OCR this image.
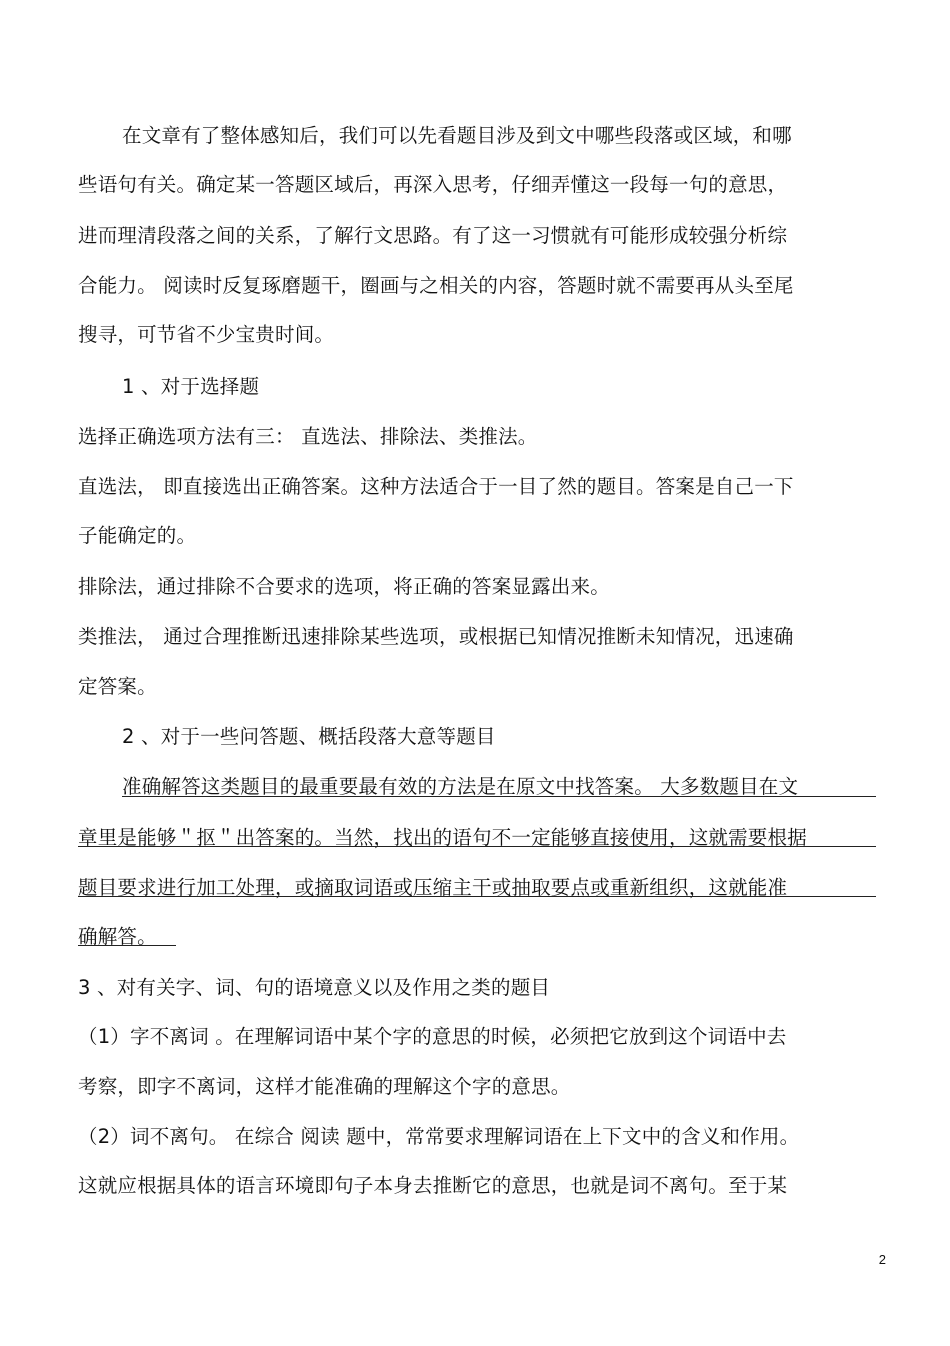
在文章有了整体感知后，我们可以先看题目涉及到文中哪些段落或区域，和哪
些语句有关。确定某一答题区域后，再深入思考，仔细弄懂这一段每一句的意思，
进而理清段落之间的关系，了解行文思路。有了这一习惯就有可能形成较强分析综
合能力。 阅读时反复琢磨题干，圈画与之相关的内容，答题时就不需要再从头至尾
搜寻，可节省不少宝贵时间。
1 、对于选择题
选择正确选项方法有三： 直选法、排除法、类推法。
直选法， 即直接选出正确答案。这种方法适合于一目了然的题目。答案是自己一下
子能确定的。
排除法，通过排除不合要求的选项，将正确的答案显露出来。
类推法， 通过合理推断迅速排除某些选项，或根据已知情况推断未知情况，迅速确
定答案。
2 、对于一些问答题、概括段落大意等题目
准确解答这类题目的最重要最有效的方法是在原文中找答案。 大多数题目在文
章里是能够＂抠＂出答案的。当然，找出的语句不一定能够直接使用，这就需要根据
题目要求进行加工处理，或摘取词语或压缩主干或抽取要点或重新组织，这就能准
确解答。
3 、对有关字、词、句的语境意义以及作用之类的题目
（1）字不离词 。在理解词语中某个字的意思的时候，必须把它放到这个词语中去
考察，即字不离词，这样才能准确的理解这个字的意思。
（2）词不离句。 在综合 阅读 题中，常常要求理解词语在上下文中的含义和作用。
这就应根据具体的语言环境即句子本身去推断它的意思，也就是词不离句。至于某
2
